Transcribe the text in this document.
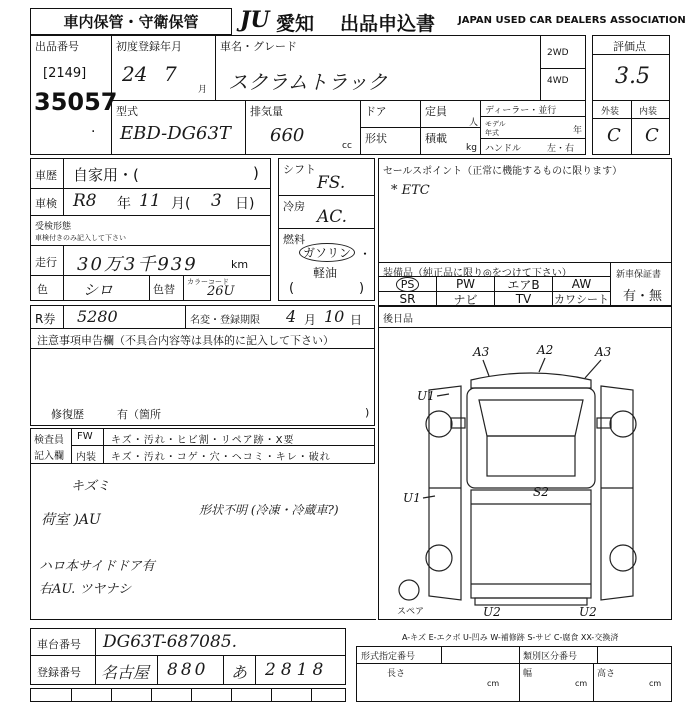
車内保管・守衛保管	JU 愛知 出品申込書 JAPAN USED CAR DEALERS ASSOCIATION
出品番号
[2149]
35057
.
初度登録年月
24 7
月
車名・グレード
スクラムトラック
2WD
4WD
評価点
3.5
型式
EBD-DG63T
排気量
660	cc
ドア
形状
定員
人
積載
kg
ディーラー・並行
モデル
年式	年
ハンドル	左・右
外装 内装
C C
車歴 自家用・(	)
車検 R8 年 11 月( 3 日)
受検形態
車検付きのみ記入して下さい
走行 30万3千939	km
色 シロ	色替
カラーコード
26U
シフト
FS.
冷房
AC.
燃料
ガソリン ・
軽油
(	)
セールスポイント（正常に機能するものに限ります）
* ETC
装備品（純正品に限り◎をつけて下さい）
PS	PW	エアB	AW
SR	ナビ	TV	カワシート
新車保証書
有・無
R券 5280	名変・登録期限 4 月 10 日 後日品
注意事項申告欄（不具合内容等は具体的に記入して下さい）
修復歴	有（箇所	)
検査員
記入欄
FW キズ・汚れ・ヒビ割・リペア跡・X要
内装 キズ・汚れ・コゲ・穴・ヘコミ・キレ・破れ
キズミ
荷室 )AU
形状不明 (冷凍・冷蔵車?)
ハロ本サイドドア有
右AU. ツヤナシ
A3	A2	A3
U1
U1	S2
U2	U2
スペア
A-キズ E-エクボ U-凹み W-補修跡 S-サビ C-腐食 XX-交換済
車台番号 DG63T-687085.
登録番号 名古屋 880 あ 2818
形式指定番号	類別区分番号
長さ
cm
幅
cm
高さ
cm
